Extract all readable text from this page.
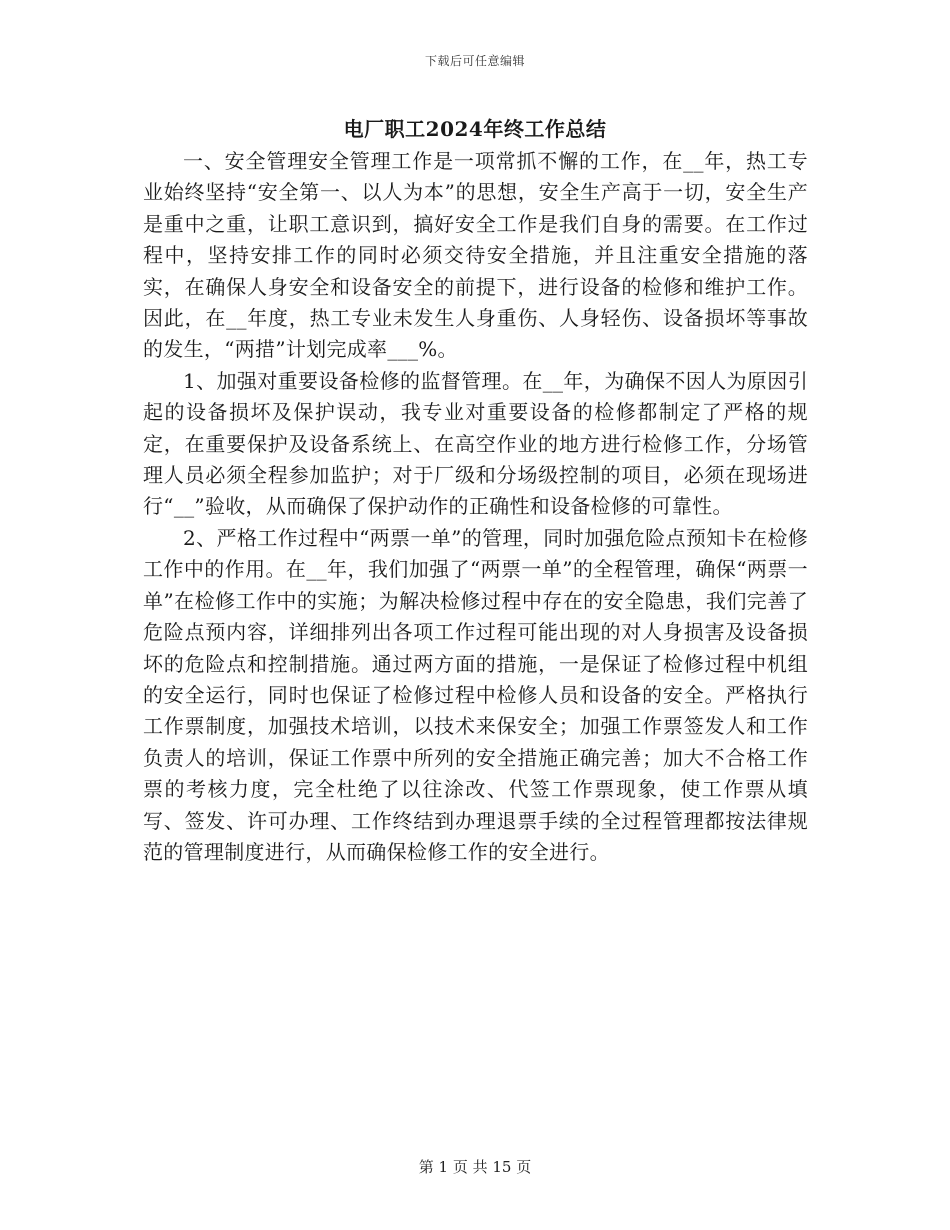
下载后可任意编辑
电厂职工2024年终工作总结

一、安全管理安全管理工作是一项常抓不懈的工作，在__年，热工专业始终坚持“安全第一、以人为本”的思想，安全生产高于一切，安全生产是重中之重，让职工意识到，搞好安全工作是我们自身的需要。在工作过程中，坚持安排工作的同时必须交待安全措施，并且注重安全措施的落实，在确保人身安全和设备安全的前提下，进行设备的检修和维护工作。因此，在__年度，热工专业未发生人身重伤、人身轻伤、设备损坏等事故的发生，“两措”计划完成率___%。

1、加强对重要设备检修的监督管理。在__年，为确保不因人为原因引起的设备损坏及保护误动，我专业对重要设备的检修都制定了严格的规定，在重要保护及设备系统上、在高空作业的地方进行检修工作，分场管理人员必须全程参加监护；对于厂级和分场级控制的项目，必须在现场进行“__”验收，从而确保了保护动作的正确性和设备检修的可靠性。

2、严格工作过程中“两票一单”的管理，同时加强危险点预知卡在检修工作中的作用。在__年，我们加强了“两票一单”的全程管理，确保“两票一单”在检修工作中的实施；为解决检修过程中存在的安全隐患，我们完善了危险点预内容，详细排列出各项工作过程可能出现的对人身损害及设备损坏的危险点和控制措施。通过两方面的措施，一是保证了检修过程中机组的安全运行，同时也保证了检修过程中检修人员和设备的安全。严格执行工作票制度，加强技术培训，以技术来保安全；加强工作票签发人和工作负责人的培训，保证工作票中所列的安全措施正确完善；加大不合格工作票的考核力度，完全杜绝了以往涂改、代签工作票现象，使工作票从填写、签发、许可办理、工作终结到办理退票手续的全过程管理都按法律规范的管理制度进行，从而确保检修工作的安全进行。

第 1 页 共 15 页
